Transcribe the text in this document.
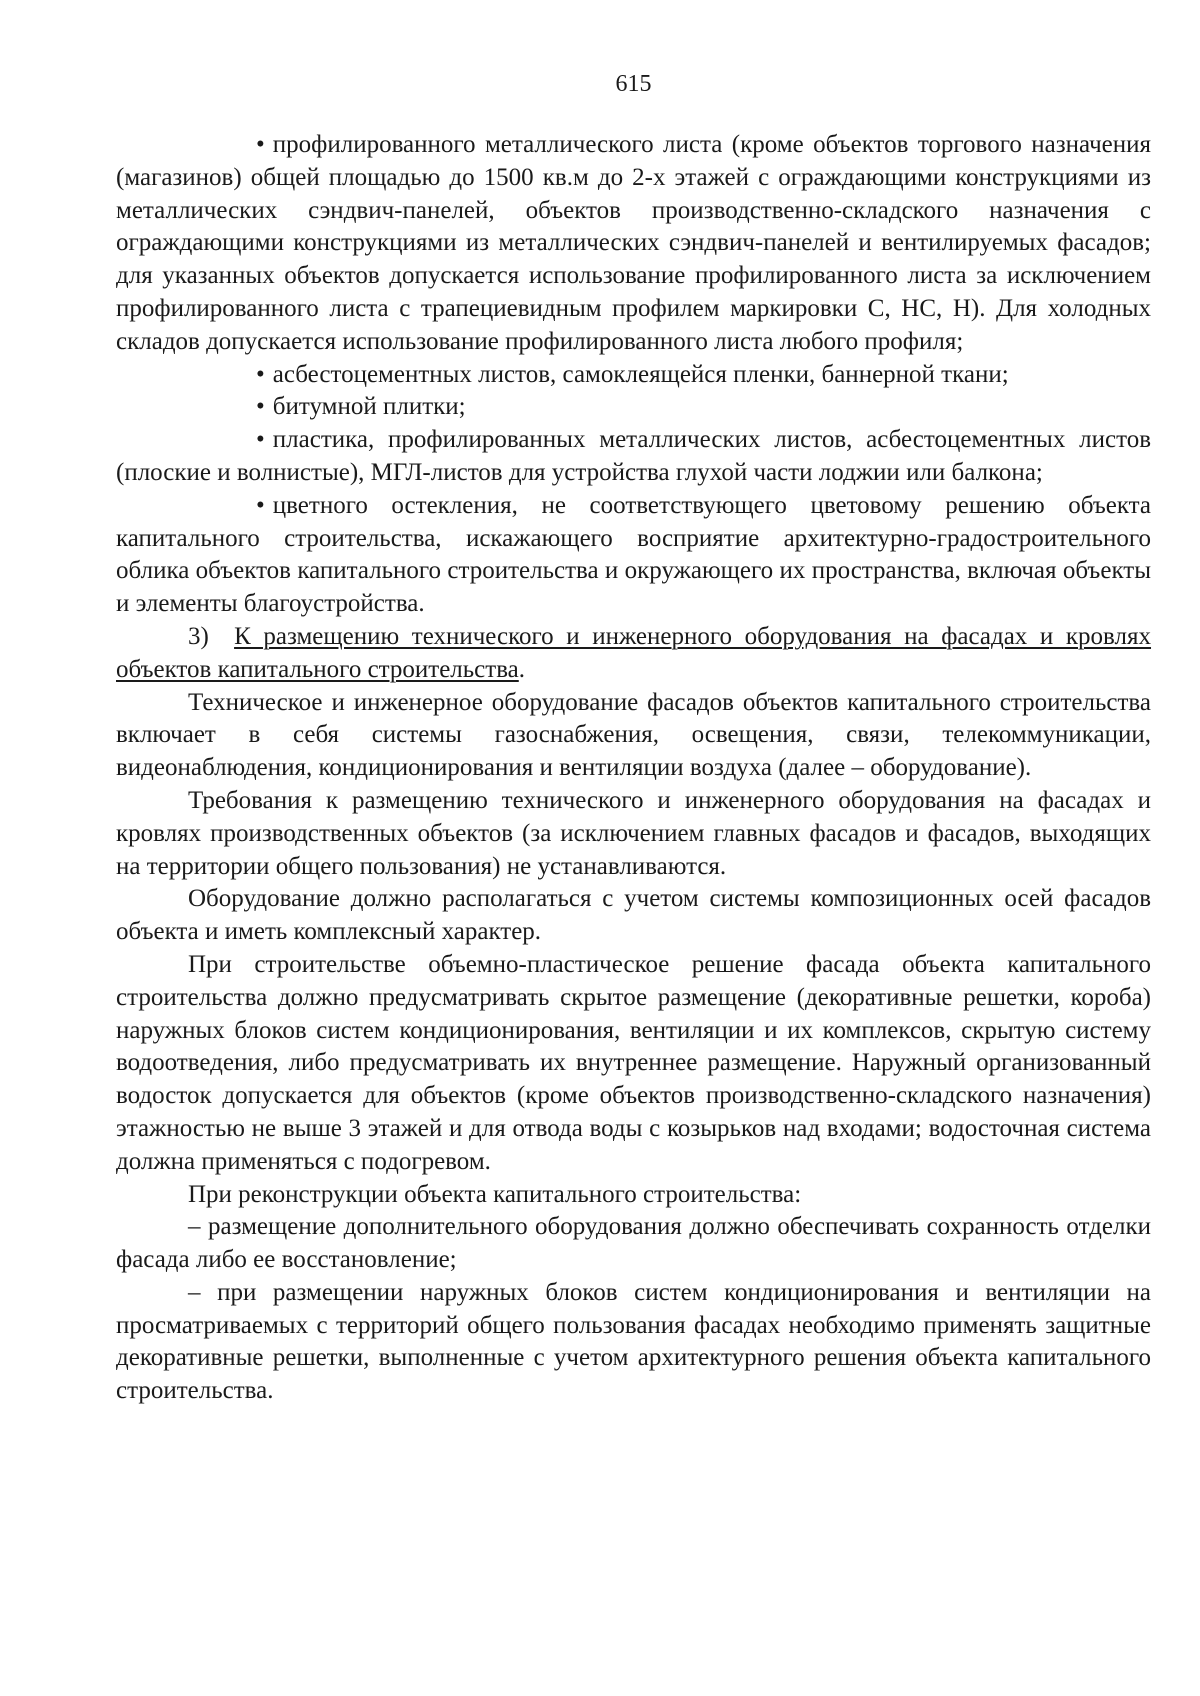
615

• профилированного металлического листа (кроме объектов торгового назначения (магазинов) общей площадью до 1500 кв.м до 2-х этажей с ограждающими конструкциями из металлических сэндвич-панелей, объектов производственно-складского назначения с ограждающими конструкциями из металлических сэндвич-панелей и вентилируемых фасадов; для указанных объектов допускается использование профилированного листа за исключением профилированного листа с трапециевидным профилем маркировки С, НС, Н). Для холодных складов допускается использование профилированного листа любого профиля;

• асбестоцементных листов, самоклеящейся пленки, баннерной ткани;

• битумной плитки;

• пластика, профилированных металлических листов, асбестоцементных листов (плоские и волнистые), МГЛ-листов для устройства глухой части лоджии или балкона;

• цветного остекления, не соответствующего цветовому решению объекта капитального строительства, искажающего восприятие архитектурно-градостроительного облика объектов капитального строительства и окружающего их пространства, включая объекты и элементы благоустройства.

3) К размещению технического и инженерного оборудования на фасадах и кровлях объектов капитального строительства.

Техническое и инженерное оборудование фасадов объектов капитального строительства включает в себя системы газоснабжения, освещения, связи, телекоммуникации, видеонаблюдения, кондиционирования и вентиляции воздуха (далее – оборудование).

Требования к размещению технического и инженерного оборудования на фасадах и кровлях производственных объектов (за исключением главных фасадов и фасадов, выходящих на территории общего пользования) не устанавливаются.

Оборудование должно располагаться с учетом системы композиционных осей фасадов объекта и иметь комплексный характер.

При строительстве объемно-пластическое решение фасада объекта капитального строительства должно предусматривать скрытое размещение (декоративные решетки, короба) наружных блоков систем кондиционирования, вентиляции и их комплексов, скрытую систему водоотведения, либо предусматривать их внутреннее размещение. Наружный организованный водосток допускается для объектов (кроме объектов производственно-складского назначения) этажностью не выше 3 этажей и для отвода воды с козырьков над входами; водосточная система должна применяться с подогревом.

При реконструкции объекта капитального строительства:

– размещение дополнительного оборудования должно обеспечивать сохранность отделки фасада либо ее восстановление;

– при размещении наружных блоков систем кондиционирования и вентиляции на просматриваемых с территорий общего пользования фасадах необходимо применять защитные декоративные решетки, выполненные с учетом архитектурного решения объекта капитального строительства.
